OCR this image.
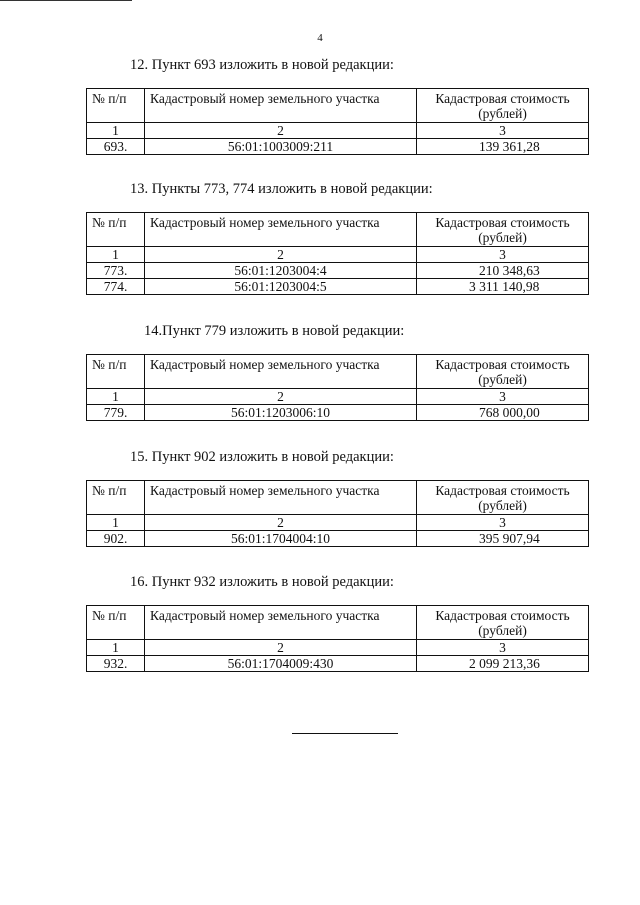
4
12. Пункт 693 изложить в новой редакции:
№ п/п	Кадастровый номер земельного участка	Кадастровая стоимость (рублей)
1	2	3
693.	56:01:1003009:211	139 361,28
13. Пункты 773, 774 изложить в новой редакции:
№ п/п	Кадастровый номер земельного участка	Кадастровая стоимость (рублей)
1	2	3
773.	56:01:1203004:4	210 348,63
774.	56:01:1203004:5	3 311 140,98
14.Пункт 779 изложить в новой редакции:
№ п/п	Кадастровый номер земельного участка	Кадастровая стоимость (рублей)
1	2	3
779.	56:01:1203006:10	768 000,00
15. Пункт 902 изложить в новой редакции:
№ п/п	Кадастровый номер земельного участка	Кадастровая стоимость (рублей)
1	2	3
902.	56:01:1704004:10	395 907,94
16. Пункт 932 изложить в новой редакции:
№ п/п	Кадастровый номер земельного участка	Кадастровая стоимость (рублей)
1	2	3
932.	56:01:1704009:430	2 099 213,36
